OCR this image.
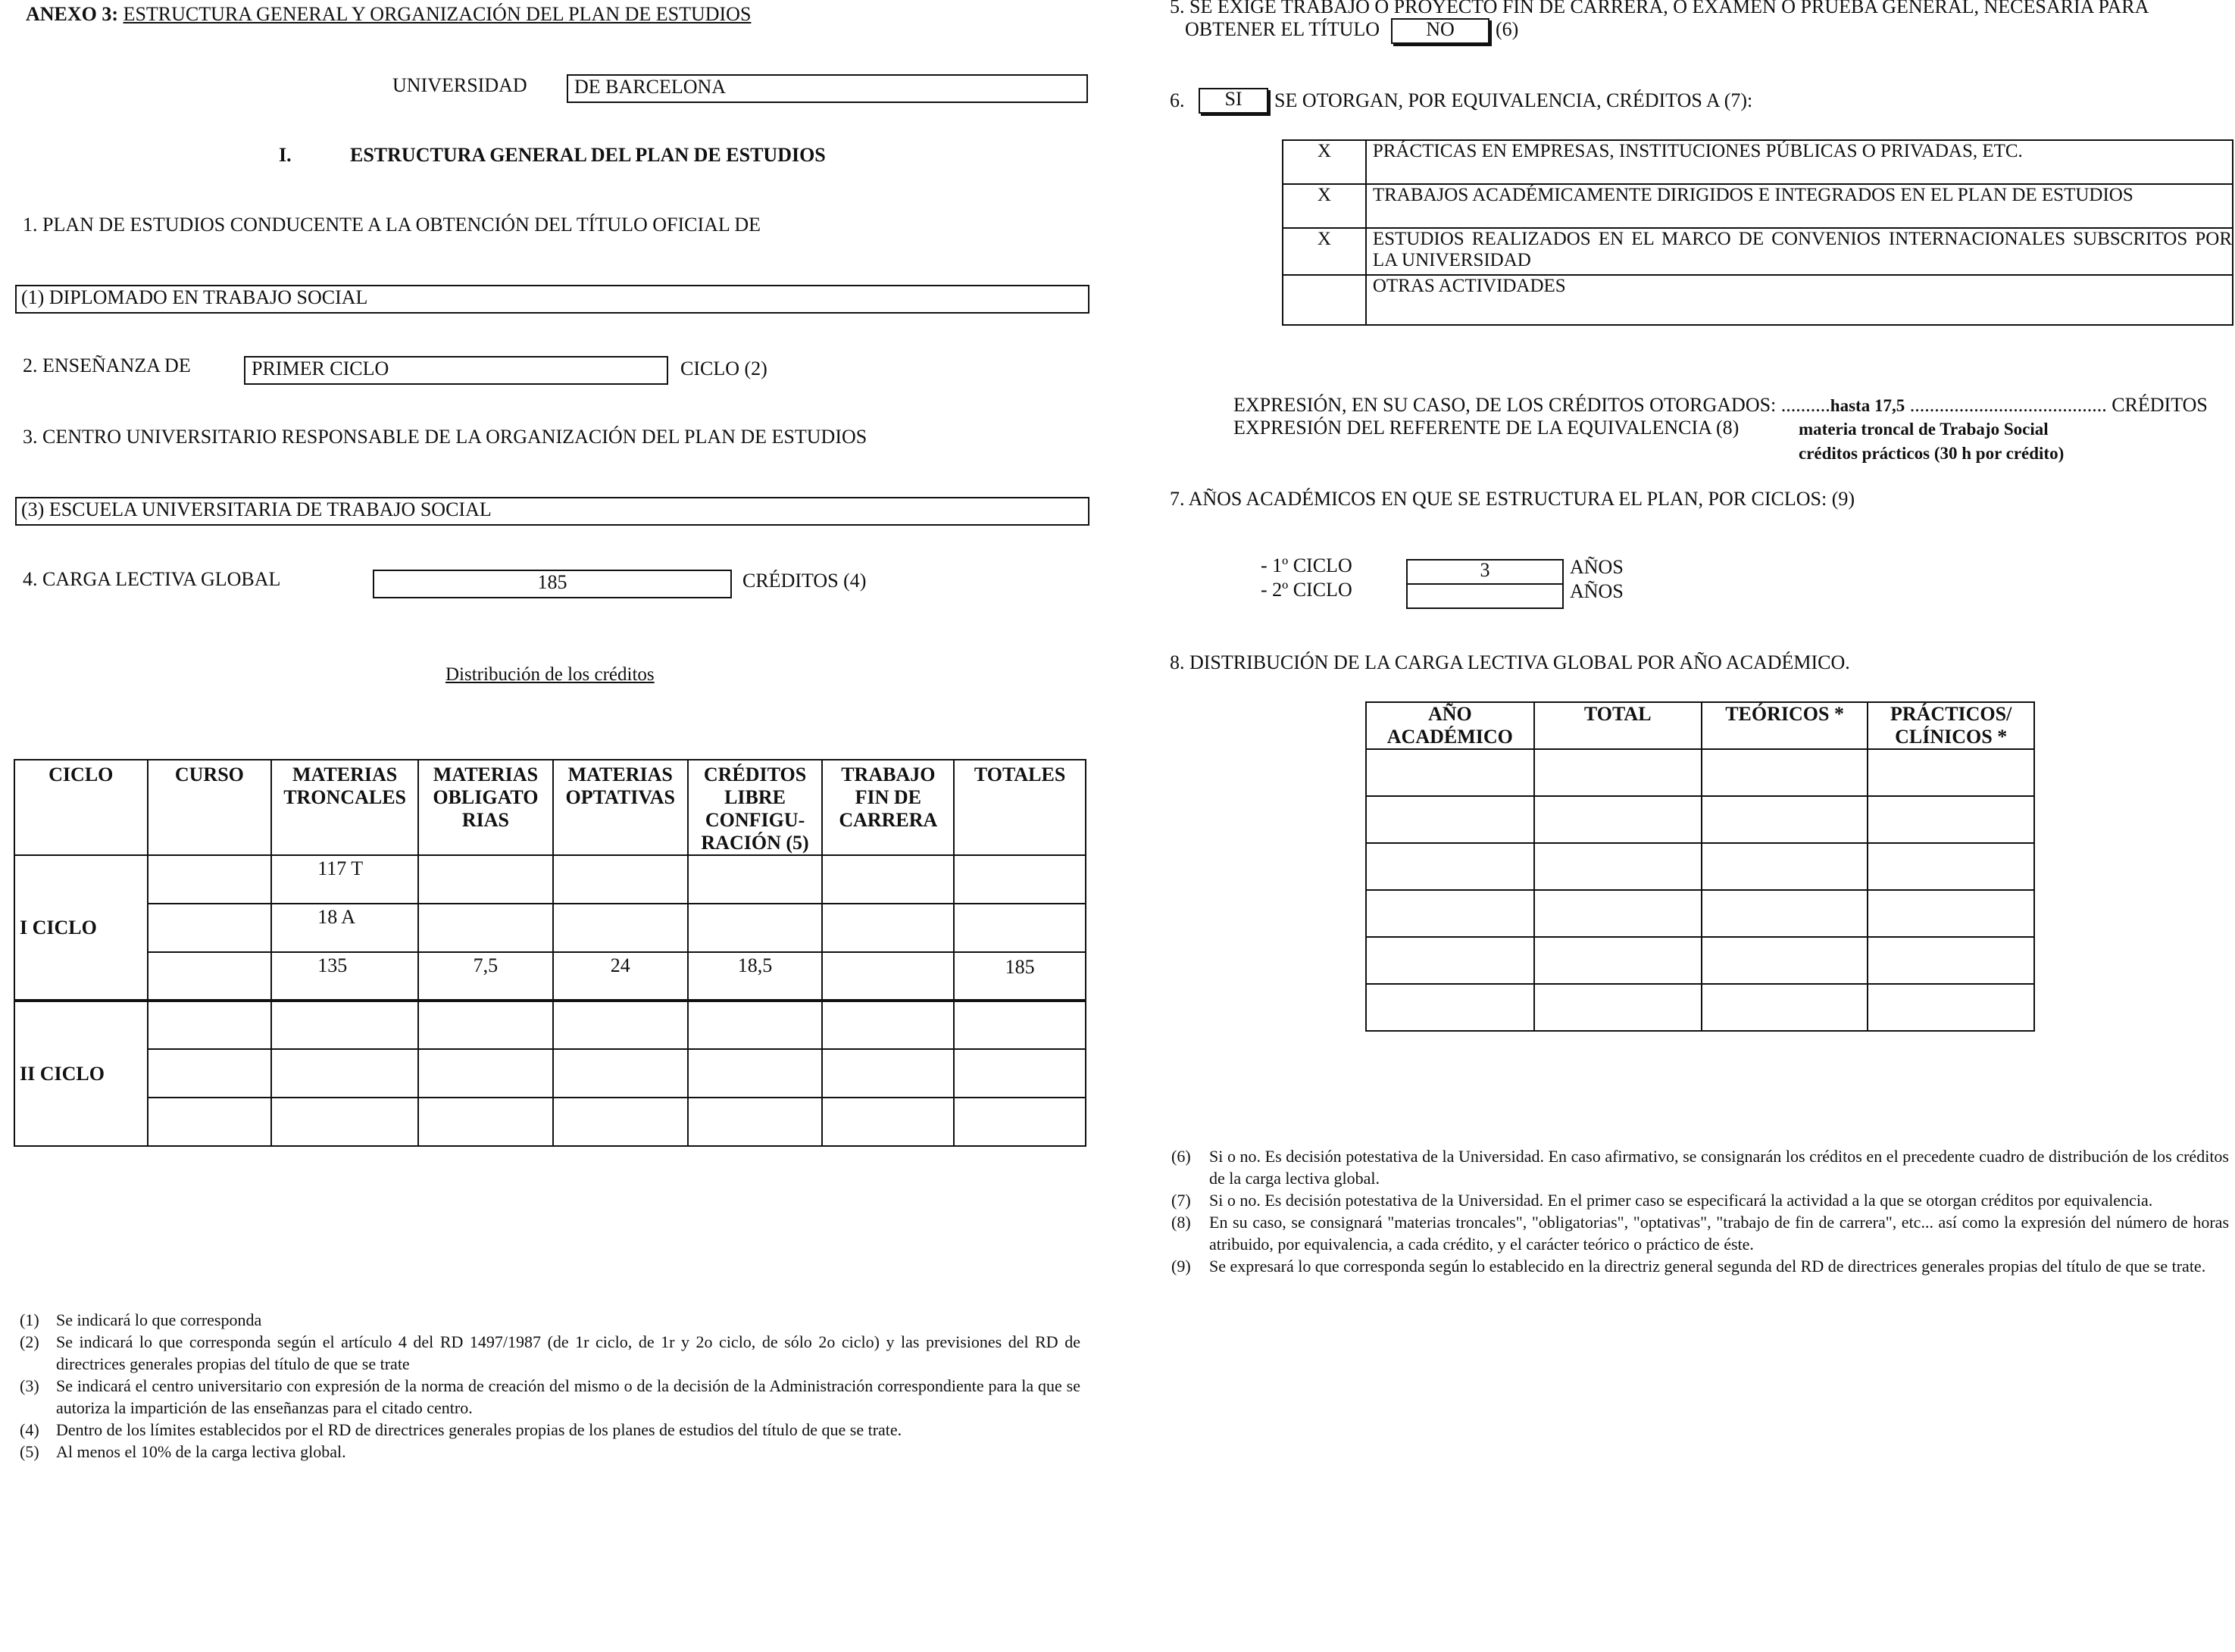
ANEXO 3: ESTRUCTURA GENERAL Y ORGANIZACIÓN DEL PLAN DE ESTUDIOS
UNIVERSIDAD DE BARCELONA
I.	ESTRUCTURA GENERAL DEL PLAN DE ESTUDIOS
1. PLAN DE ESTUDIOS CONDUCENTE A LA OBTENCIÓN DEL TÍTULO OFICIAL DE
(1) DIPLOMADO EN TRABAJO SOCIAL
2. ENSEÑANZA DE	PRIMER CICLO	CICLO (2)
3. CENTRO UNIVERSITARIO RESPONSABLE DE LA ORGANIZACIÓN DEL PLAN DE ESTUDIOS
(3) ESCUELA UNIVERSITARIA DE TRABAJO SOCIAL
4. CARGA LECTIVA GLOBAL	185	CRÉDITOS (4)
Distribución de los créditos
CICLO	CURSO	MATERIAS TRONCALES	MATERIAS OBLIGATO RIAS	MATERIAS OPTATIVAS	CRÉDITOS LIBRE CONFIGU- RACIÓN (5)	TRABAJO FIN DE CARRERA	TOTALES
I CICLO		117 T					
		18 A					
		135	7,5	24	18,5		185
II CICLO							

(1)	Se indicará lo que corresponda
(2)	Se indicará lo que corresponda según el artículo 4 del RD 1497/1987 (de 1r ciclo, de 1r y 2o ciclo, de sólo 2o ciclo) y las previsiones del RD de directrices generales propias del título de que se trate
(3)	Se indicará el centro universitario con expresión de la norma de creación del mismo o de la decisión de la Administración correspondiente para la que se autoriza la impartición de las enseñanzas para el citado centro.
(4)	Dentro de los límites establecidos por el RD de directrices generales propias de los planes de estudios del título de que se trate.
(5)	Al menos el 10% de la carga lectiva global.
5. SE EXIGE TRABAJO O PROYECTO FIN DE CARRERA, O EXAMEN O PRUEBA GENERAL, NECESARIA PARA
OBTENER EL TÍTULO	NO	(6)
6.	SI	SE OTORGAN, POR EQUIVALENCIA, CRÉDITOS A (7):
X	PRÁCTICAS EN EMPRESAS, INSTITUCIONES PÚBLICAS O PRIVADAS, ETC.
X	TRABAJOS ACADÉMICAMENTE DIRIGIDOS E INTEGRADOS EN EL PLAN DE ESTUDIOS
X	ESTUDIOS REALIZADOS EN EL MARCO DE CONVENIOS INTERNACIONALES SUBSCRITOS POR LA UNIVERSIDAD
	OTRAS ACTIVIDADES
EXPRESIÓN, EN SU CASO, DE LOS CRÉDITOS OTORGADOS: ..........hasta 17,5 ........................................ CRÉDITOS
EXPRESIÓN DEL REFERENTE DE LA EQUIVALENCIA (8)	materia troncal de Trabajo Social
créditos prácticos (30 h por crédito)
7. AÑOS ACADÉMICOS EN QUE SE ESTRUCTURA EL PLAN, POR CICLOS: (9)
- 1º CICLO	3	AÑOS
- 2º CICLO	AÑOS
8. DISTRIBUCIÓN DE LA CARGA LECTIVA GLOBAL POR AÑO ACADÉMICO.
AÑO ACADÉMICO	TOTAL	TEÓRICOS *	PRÁCTICOS/ CLÍNICOS *

(6)	Si o no. Es decisión potestativa de la Universidad. En caso afirmativo, se consignarán los créditos en el precedente cuadro de distribución de los créditos de la carga lectiva global.
(7)	Si o no. Es decisión potestativa de la Universidad. En el primer caso se especificará la actividad a la que se otorgan créditos por equivalencia.
(8)	En su caso, se consignará "materias troncales", "obligatorias", "optativas", "trabajo de fin de carrera", etc... así como la expresión del número de horas atribuido, por equivalencia, a cada crédito, y el carácter teórico o práctico de éste.
(9)	Se expresará lo que corresponda según lo establecido en la directriz general segunda del RD de directrices generales propias del título de que se trate.
